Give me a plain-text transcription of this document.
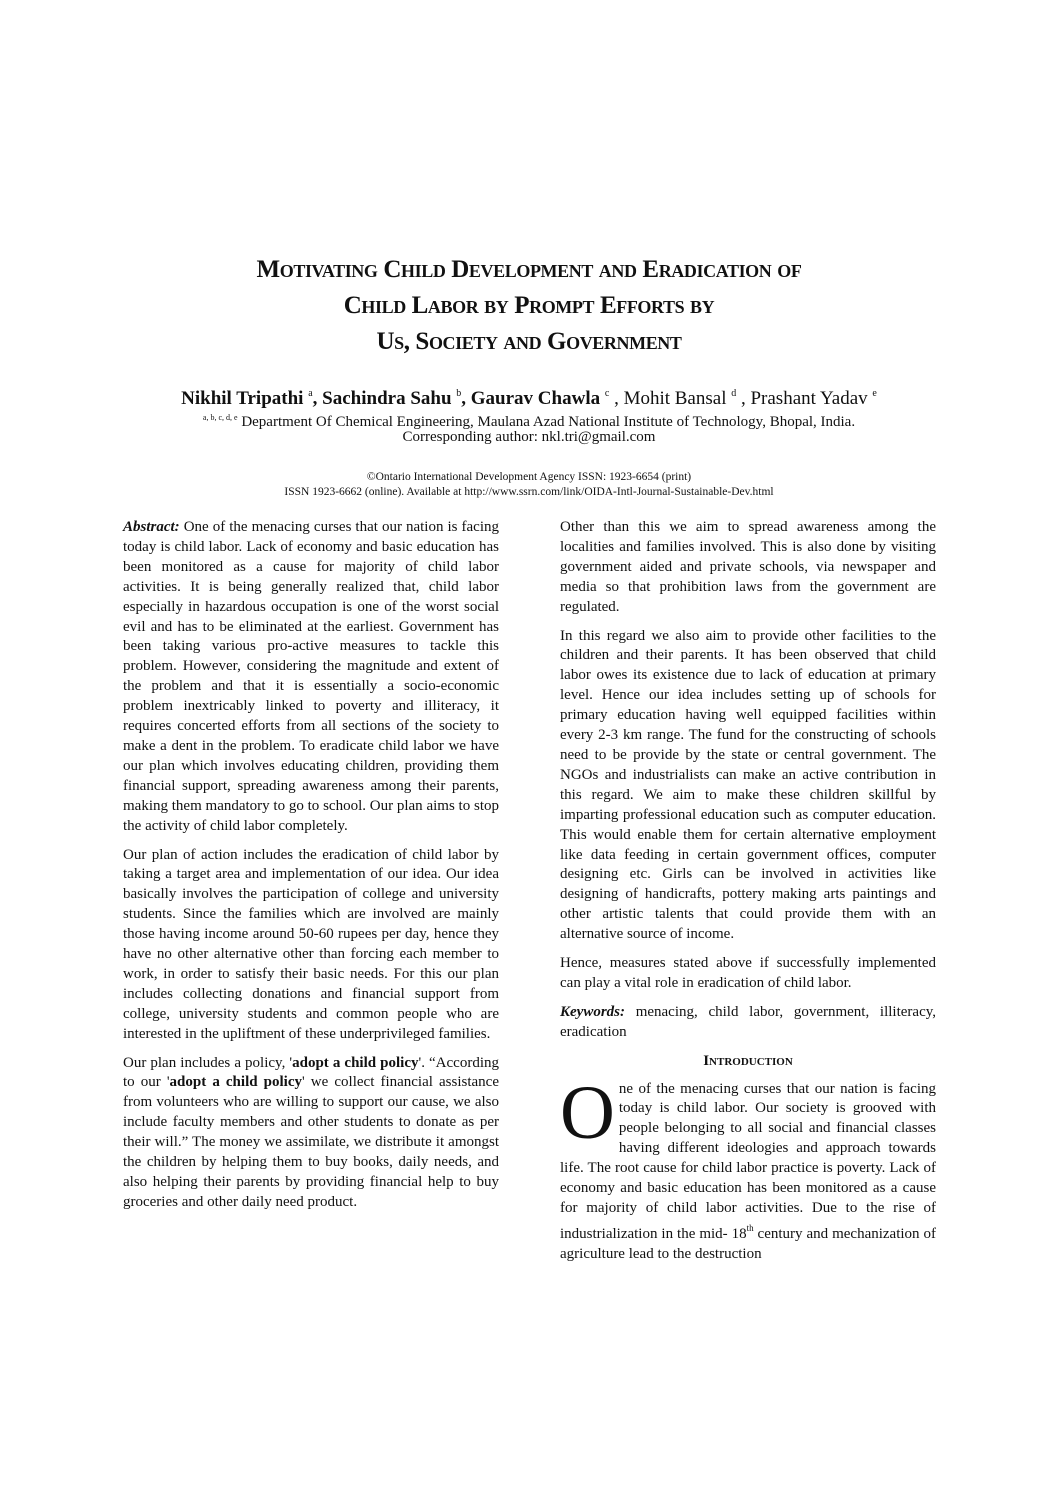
Motivating Child Development and Eradication of
Child Labor by Prompt Efforts by
Us, Society and Government
Nikhil Tripathi $^a$, Sachindra Sahu $^b$, Gaurav Chawla $^c$ , Mohit Bansal $^d$ , Prashant Yadav $^e$
$^{a, b, c, d, e}$ Department Of Chemical Engineering, Maulana Azad National Institute of Technology, Bhopal, India.
Corresponding author: nkl.tri@gmail.com
©Ontario International Development Agency ISSN: 1923-6654 (print)
ISSN 1923-6662 (online). Available at http://www.ssrn.com/link/OIDA-Intl-Journal-Sustainable-Dev.html

Abstract: One of the menacing curses that our nation is facing today is child labor. Lack of economy and basic education has been monitored as a cause for majority of child labor activities. It is being generally realized that, child labor especially in hazardous occupation is one of the worst social evil and has to be eliminated at the earliest. Government has been taking various pro-active measures to tackle this problem. However, considering the magnitude and extent of the problem and that it is essentially a socio-economic problem inextricably linked to poverty and illiteracy, it requires concerted efforts from all sections of the society to make a dent in the problem. To eradicate child labor we have our plan which involves educating children, providing them financial support, spreading awareness among their parents, making them mandatory to go to school. Our plan aims to stop the activity of child labor completely.

Our plan of action includes the eradication of child labor by taking a target area and implementation of our idea. Our idea basically involves the participation of college and university students. Since the families which are involved are mainly those having income around 50-60 rupees per day, hence they have no other alternative other than forcing each member to work, in order to satisfy their basic needs. For this our plan includes collecting donations and financial support from college, university students and common people who are interested in the upliftment of these underprivileged families.

Our plan includes a policy, 'adopt a child policy'. “According to our 'adopt a child policy' we collect financial assistance from volunteers who are willing to support our cause, we also include faculty members and other students to donate as per their will.” The money we assimilate, we distribute it amongst the children by helping them to buy books, daily needs, and also helping their parents by providing financial help to buy groceries and other daily need product.

Other than this we aim to spread awareness among the localities and families involved. This is also done by visiting government aided and private schools, via newspaper and media so that prohibition laws from the government are regulated.

In this regard we also aim to provide other facilities to the children and their parents. It has been observed that child labor owes its existence due to lack of education at primary level. Hence our idea includes setting up of schools for primary education having well equipped facilities within every 2-3 km range. The fund for the constructing of schools need to be provide by the state or central government. The NGOs and industrialists can make an active contribution in this regard. We aim to make these children skillful by imparting professional education such as computer education. This would enable them for certain alternative employment like data feeding in certain government offices, computer designing etc. Girls can be involved in activities like designing of handicrafts, pottery making arts paintings and other artistic talents that could provide them with an alternative source of income.

Hence, measures stated above if successfully implemented can play a vital role in eradication of child labor.

Keywords: menacing, child labor, government, illiteracy, eradication

Introduction

One of the menacing curses that our nation is facing today is child labor. Our society is grooved with people belonging to all social and financial classes having different ideologies and approach towards life. The root cause for child labor practice is poverty. Lack of economy and basic education has been monitored as a cause for majority of child labor activities. Due to the rise of industrialization in the mid- 18th century and mechanization of agriculture lead to the destruction
